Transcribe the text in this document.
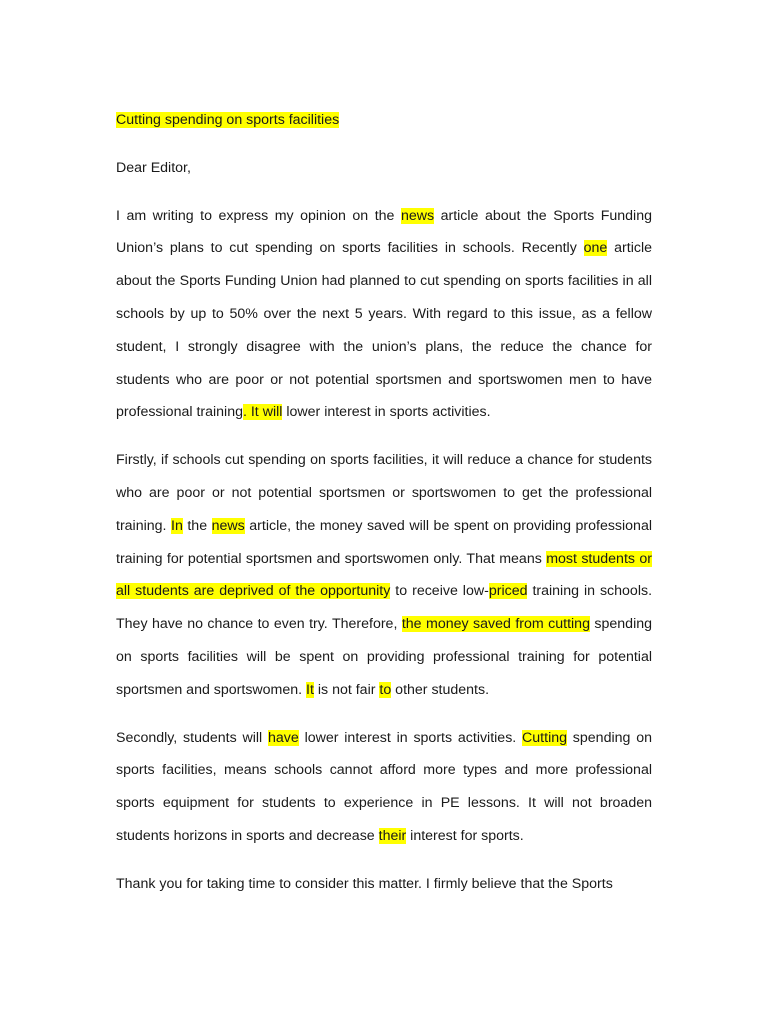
Cutting spending on sports facilities

Dear Editor,

I am writing to express my opinion on the news article about the Sports Funding Union’s plans to cut spending on sports facilities in schools. Recently one article about the Sports Funding Union had planned to cut spending on sports facilities in all schools by up to 50% over the next 5 years. With regard to this issue, as a fellow student, I strongly disagree with the union’s plans, the reduce the chance for students who are poor or not potential sportsmen and sportswomen men to have professional training. It will lower interest in sports activities.

Firstly, if schools cut spending on sports facilities, it will reduce a chance for students who are poor or not potential sportsmen or sportswomen to get the professional training. In the news article, the money saved will be spent on providing professional training for potential sportsmen and sportswomen only. That means most students or all students are deprived of the opportunity to receive low-priced training in schools. They have no chance to even try. Therefore, the money saved from cutting spending on sports facilities will be spent on providing professional training for potential sportsmen and sportswomen. It is not fair to other students.

Secondly, students will have lower interest in sports activities. Cutting spending on sports facilities, means schools cannot afford more types and more professional sports equipment for students to experience in PE lessons. It will not broaden students horizons in sports and decrease their interest for sports.

Thank you for taking time to consider this matter. I firmly believe that the Sports
